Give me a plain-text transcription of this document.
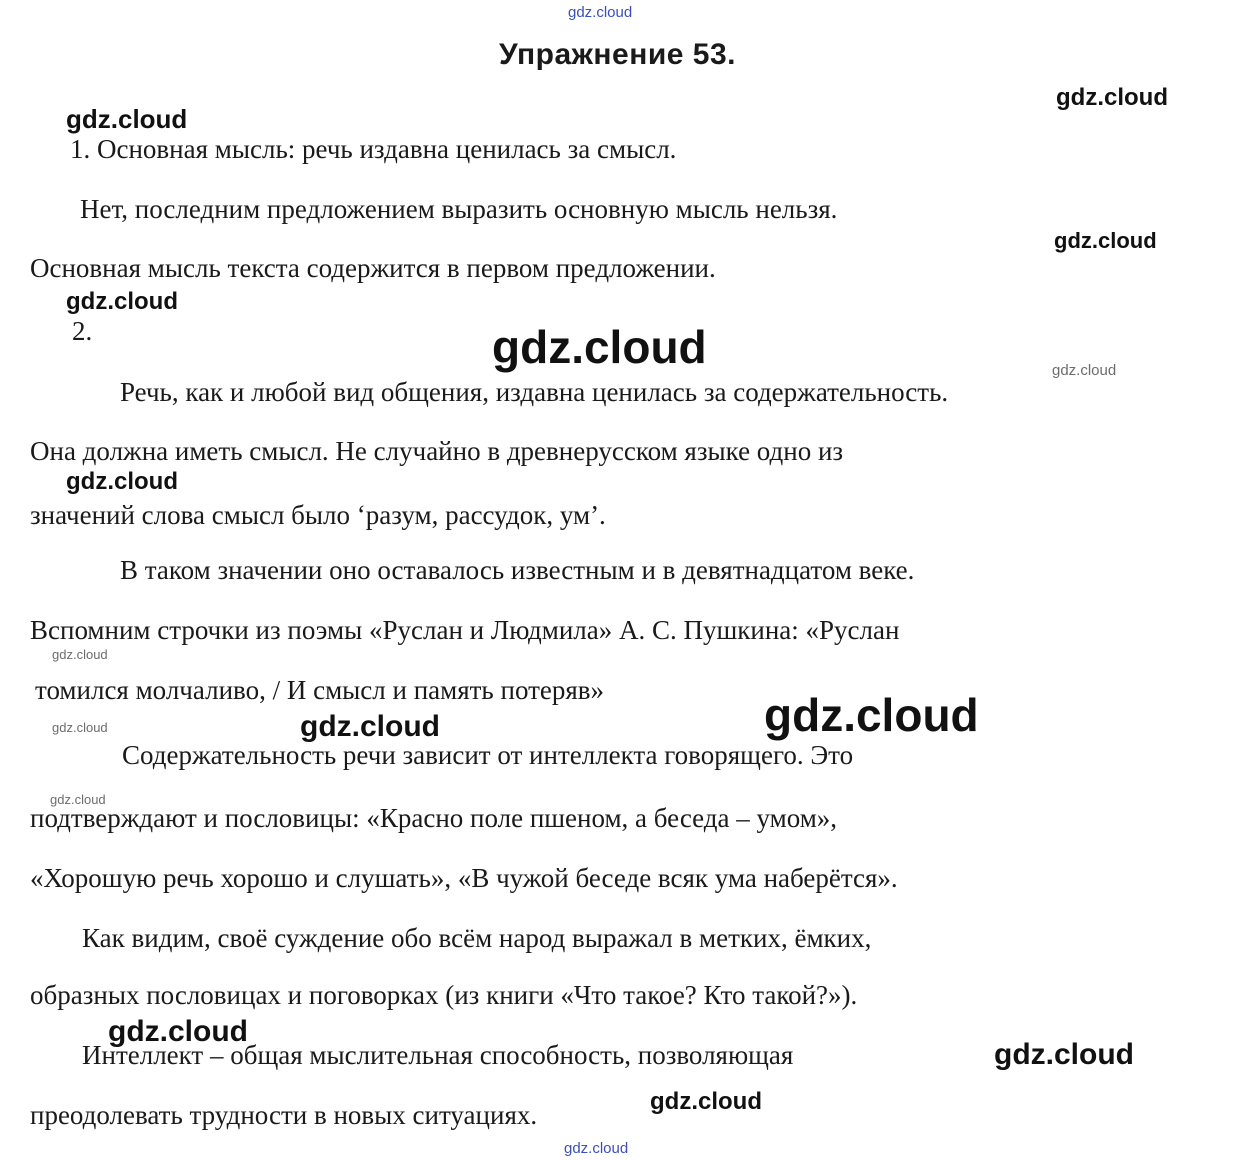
Упражнение 53.
1. Основная мысль: речь издавна ценилась за смысл.
Нет, последним предложением выразить основную мысль нельзя.
Основная мысль текста содержится в первом предложении.
2.
Речь, как и любой вид общения, издавна ценилась за содержательность.
Она должна иметь смысл. Не случайно в древнерусском языке одно из
значений слова смысл было ‘разум, рассудок, ум’.
В таком значении оно оставалось известным и в девятнадцатом веке.
Вспомним строчки из поэмы «Руслан и Людмила» А. С. Пушкина: «Руслан
томился молчаливо, / И смысл и память потеряв»
Содержательность речи зависит от интеллекта говорящего. Это
подтверждают и пословицы: «Красно поле пшеном, а беседа – умом»,
«Хорошую речь хорошо и слушать», «В чужой беседе всяк ума наберётся».
Как видим, своё суждение обо всём народ выражал в метких, ёмких,
образных пословицах и поговорках (из книги «Что такое? Кто такой?»).
Интеллект – общая мыслительная способность, позволяющая
преодолевать трудности в новых ситуациях.
gdz.cloud
gdz.cloud
gdz.cloud
gdz.cloud
gdz.cloud
gdz.cloud	gdz.cloud
gdz.cloud
gdz.cloud
gdz.cloud
gdz.cloud
gdz.cloud
gdz.cloud
gdz.cloud
gdz.cloud
gdz.cloud
gdz.cloud
